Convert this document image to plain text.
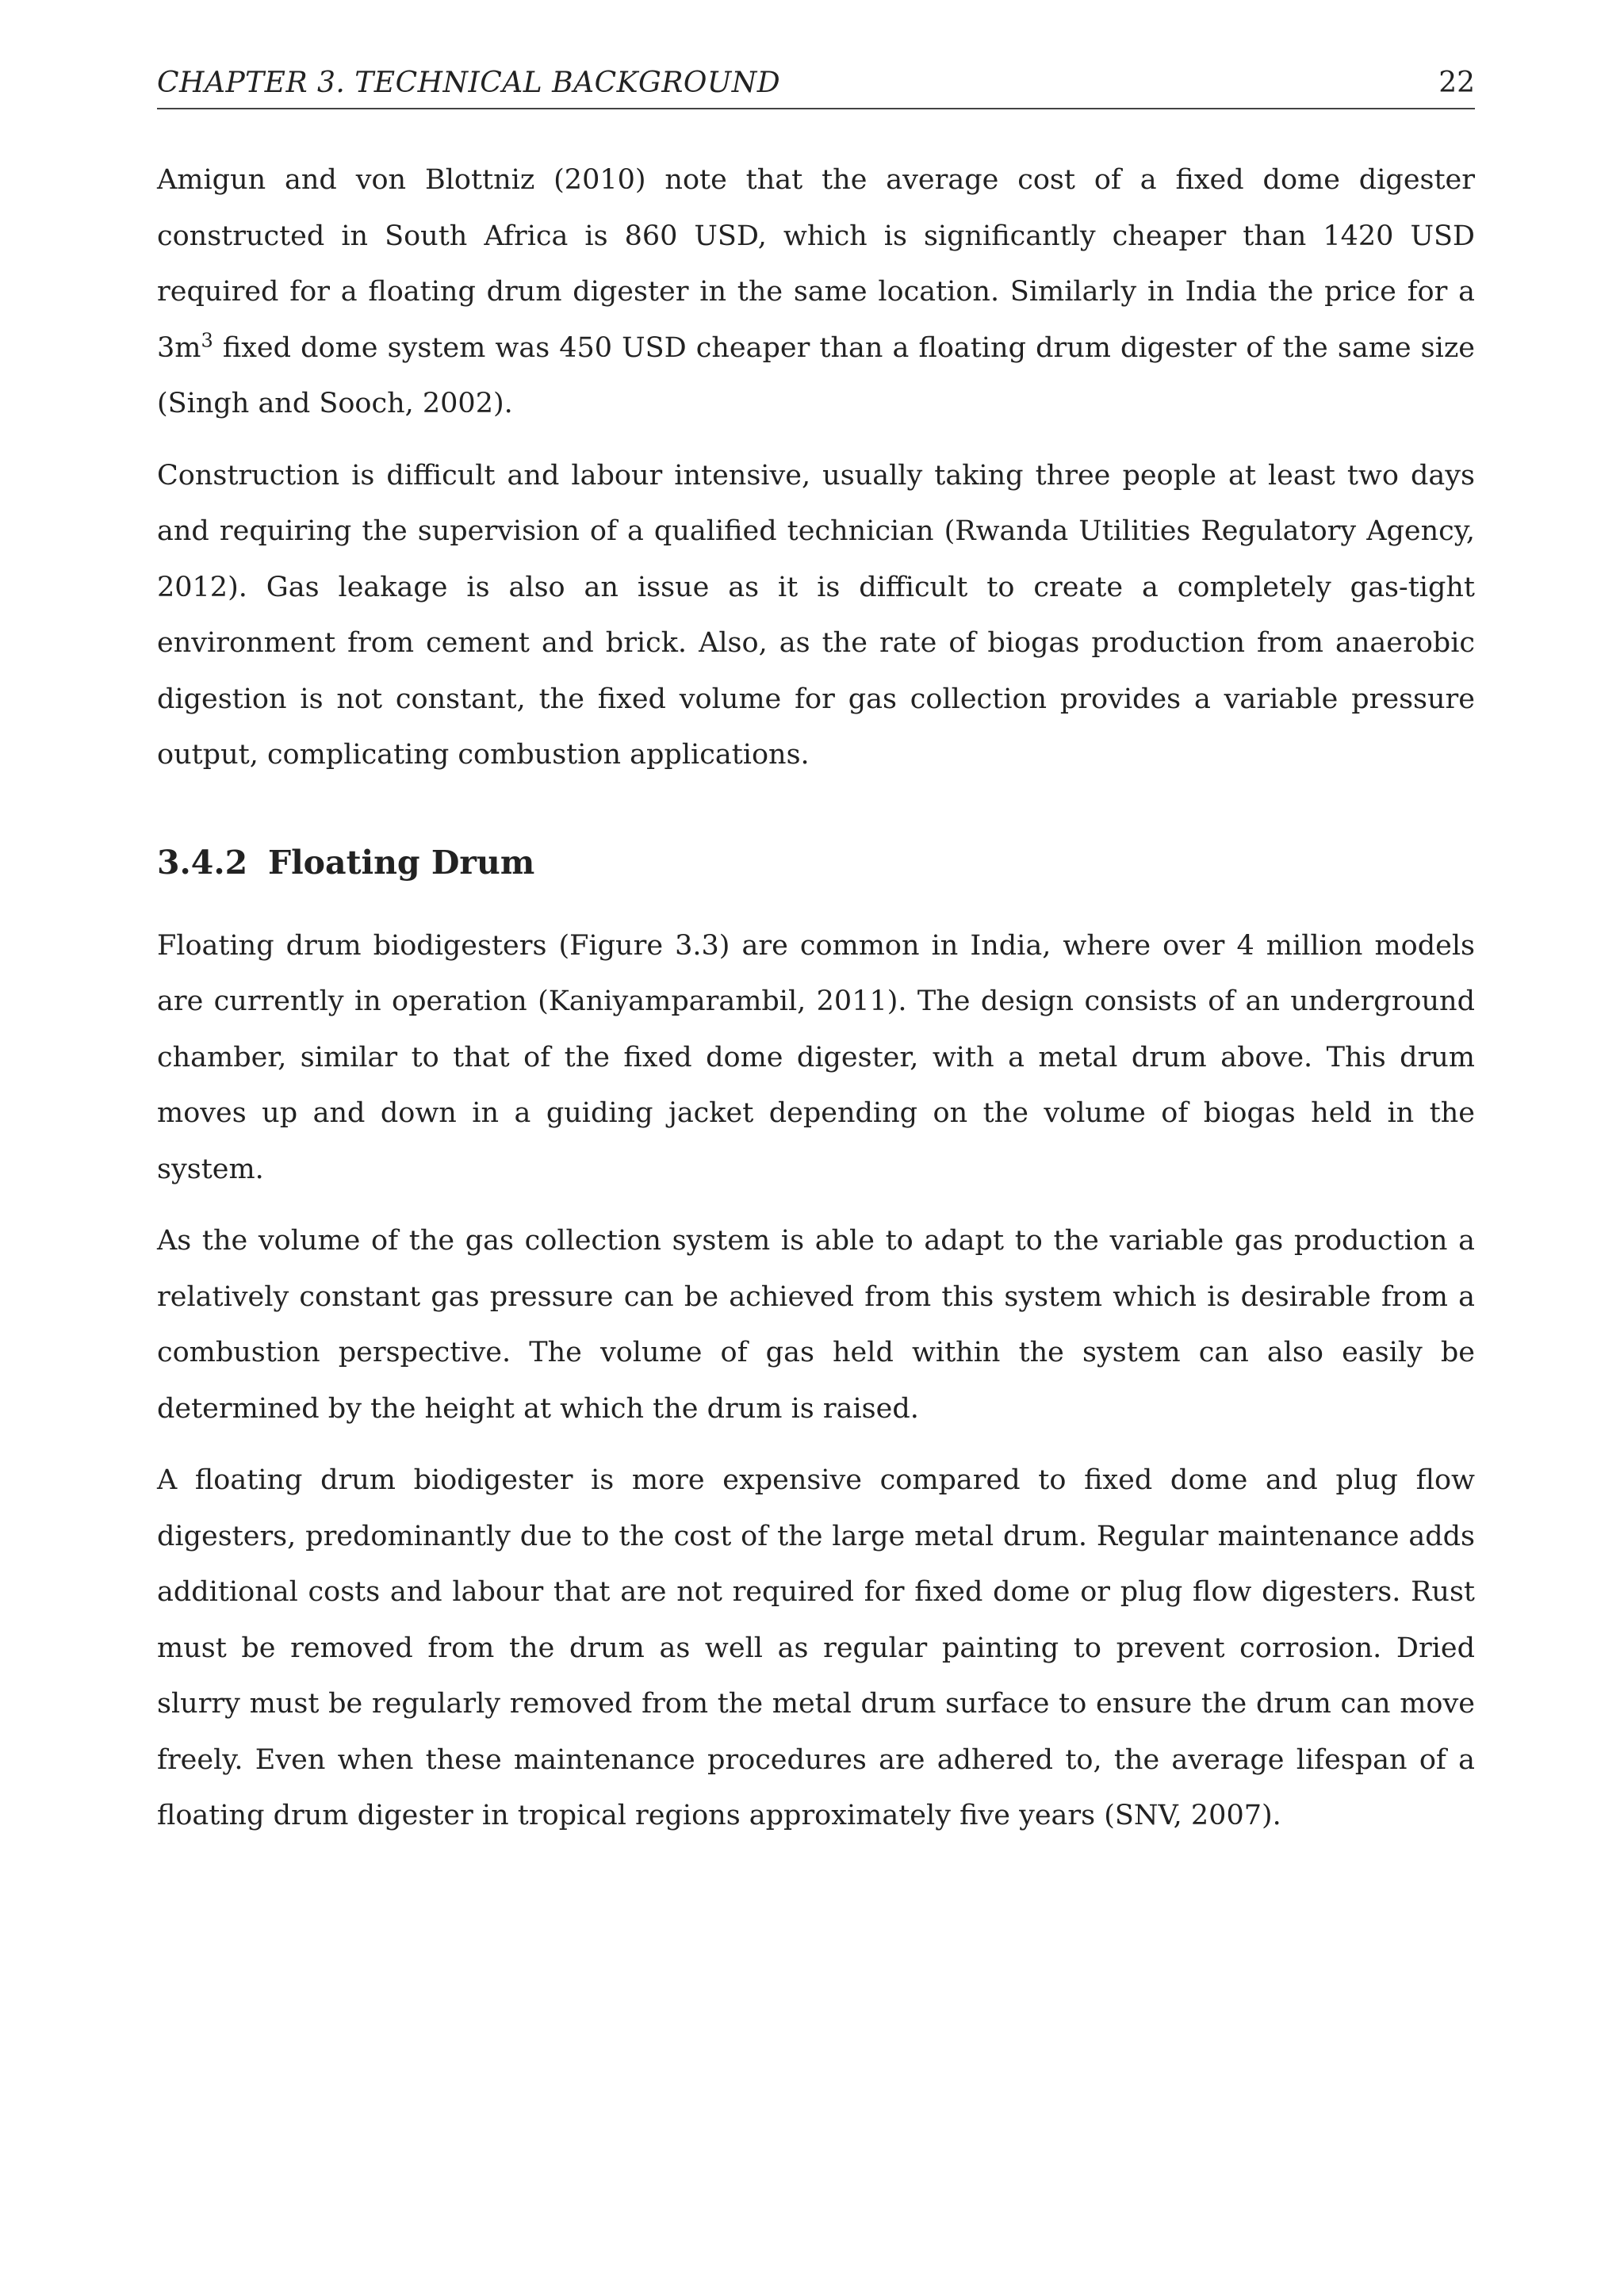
CHAPTER 3. TECHNICAL BACKGROUND	22

Amigun and von Blottniz (2010) note that the average cost of a fixed dome digester constructed in South Africa is 860 USD, which is significantly cheaper than 1420 USD required for a floating drum digester in the same location. Similarly in India the price for a $3m^3$ fixed dome system was 450 USD cheaper than a floating drum digester of the same size (Singh and Sooch, 2002).

Construction is difficult and labour intensive, usually taking three people at least two days and requiring the supervision of a qualified technician (Rwanda Utilities Regulatory Agency, 2012). Gas leakage is also an issue as it is difficult to create a completely gas-tight environment from cement and brick. Also, as the rate of biogas production from anaerobic digestion is not constant, the fixed volume for gas collection provides a variable pressure output, complicating combustion applications.

3.4.2 Floating Drum

Floating drum biodigesters (Figure 3.3) are common in India, where over 4 million models are currently in operation (Kaniyamparambil, 2011). The design consists of an underground chamber, similar to that of the fixed dome digester, with a metal drum above. This drum moves up and down in a guiding jacket depending on the volume of biogas held in the system.

As the volume of the gas collection system is able to adapt to the variable gas production a relatively constant gas pressure can be achieved from this system which is desirable from a combustion perspective. The volume of gas held within the system can also easily be determined by the height at which the drum is raised.

A floating drum biodigester is more expensive compared to fixed dome and plug flow digesters, predominantly due to the cost of the large metal drum. Regular maintenance adds additional costs and labour that are not required for fixed dome or plug flow digesters. Rust must be removed from the drum as well as regular painting to prevent corrosion. Dried slurry must be regularly removed from the metal drum surface to ensure the drum can move freely. Even when these maintenance procedures are adhered to, the average lifespan of a floating drum digester in tropical regions approximately five years (SNV, 2007).
